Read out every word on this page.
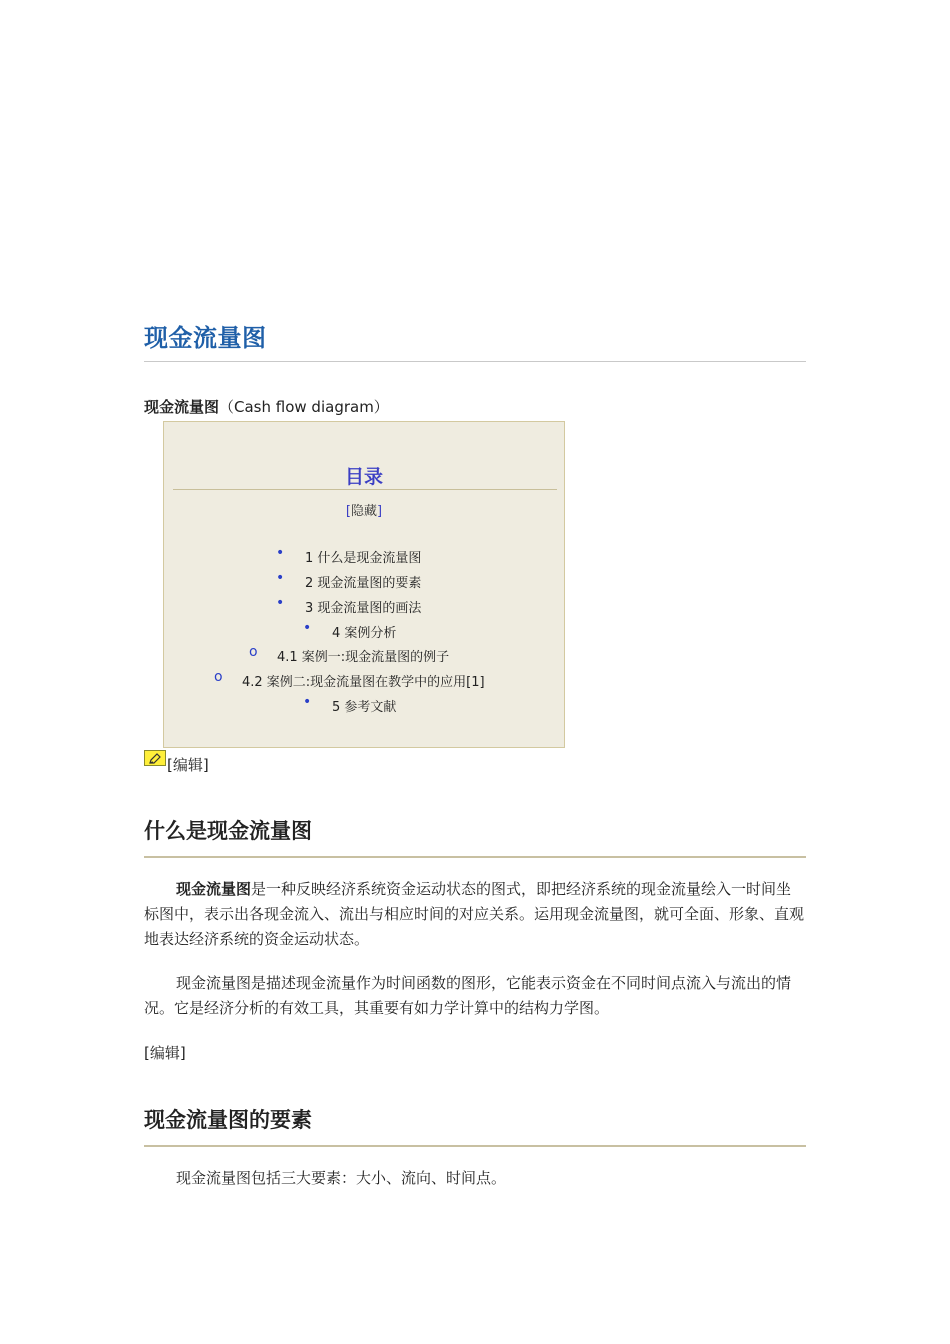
现金流量图
现金流量图（Cash flow diagram）
目录
[隐藏]
• 1 什么是现金流量图
• 2 现金流量图的要素
• 3 现金流量图的画法
• 4 案例分析
o 4.1 案例一:现金流量图的例子
o 4.2 案例二:现金流量图在教学中的应用[1]
• 5 参考文献
[编辑]
什么是现金流量图

现金流量图是一种反映经济系统资金运动状态的图式，即把经济系统的现金流量绘入一时间坐标图中，表示出各现金流入、流出与相应时间的对应关系。运用现金流量图，就可全面、形象、直观地表达经济系统的资金运动状态。

现金流量图是描述现金流量作为时间函数的图形，它能表示资金在不同时间点流入与流出的情况。它是经济分析的有效工具，其重要有如力学计算中的结构力学图。

[编辑]
现金流量图的要素

现金流量图包括三大要素：大小、流向、时间点。
